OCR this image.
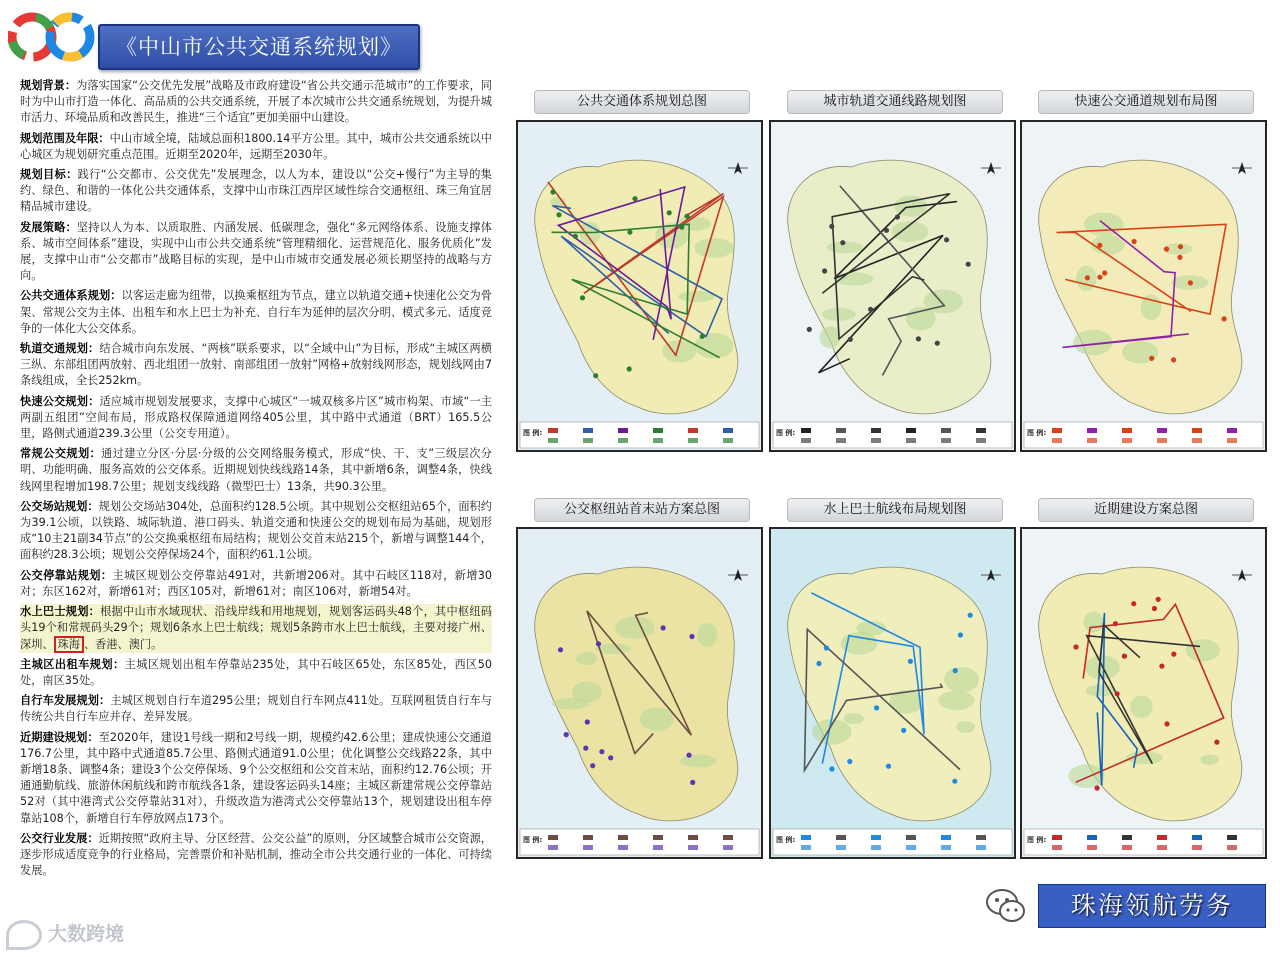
《中山市公共交通系统规划》

规划背景：为落实国家“公交优先发展”战略及市政府建设“省公共交通示范城市”的工作要求，同时为中山市打造一体化、高品质的公共交通系统，开展了本次城市公共交通系统规划，为提升城市活力、环境品质和改善民生，推进“三个适宜”更加美丽中山建设。

规划范围及年限：中山市域全境，陆域总面积1800.14平方公里。其中，城市公共交通系统以中心城区为规划研究重点范围。近期至2020年，远期至2030年。

规划目标：践行“公交都市、公交优先”发展理念，以人为本，建设以“公交+慢行”为主导的集约、绿色、和谐的一体化公共交通体系，支撑中山市珠江西岸区域性综合交通枢纽、珠三角宜居精品城市建设。

发展策略：坚持以人为本、以质取胜、内涵发展、低碳理念，强化“多元网络体系、设施支撑体系、城市空间体系”建设，实现中山市公共交通系统“管理精细化、运营规范化、服务优质化”发展，支撑中山市“公交都市”战略目标的实现，是中山市城市交通发展必须长期坚持的战略与方向。

公共交通体系规划：以客运走廊为纽带，以换乘枢纽为节点，建立以轨道交通+快速化公交为骨架、常规公交为主体、出租车和水上巴士为补充、自行车为延伸的层次分明、模式多元、适度竞争的一体化大公交体系。

轨道交通规划：结合城市向东发展、“两核”联系要求，以“全域中山”为目标，形成“主城区两横三纵、东部组团两放射、西北组团一放射、南部组团一放射”网格+放射线网形态，规划线网由7条线组成，全长252km。

快速公交规划：适应城市规划发展要求，支撑中心城区“一城双核多片区”城市构架、市域“一主两副五组团”空间布局，形成路权保障通道网络405公里，其中路中式通道（BRT）165.5公里，路侧式通道239.3公里（公交专用道）。

常规公交规划：通过建立分区·分层·分级的公交网络服务模式，形成“快、干、支”三级层次分明、功能明确、服务高效的公交体系。近期规划快线线路14条，其中新增6条，调整4条，快线线网里程增加198.7公里；规划支线线路（微型巴士）13条，共90.3公里。

公交场站规划：规划公交场站304处，总面积约128.5公顷。其中规划公交枢纽站65个，面积约为39.1公顷，以铁路、城际轨道、港口码头、轨道交通和快速公交的规划布局为基础，规划形成“10主21副34节点”的公交换乘枢纽布局结构；规划公交首末站215个，新增与调整144个，面积约28.3公顷；规划公交停保场24个，面积约61.1公顷。

公交停靠站规划：主城区规划公交停靠站491对，共新增206对。其中石岐区118对，新增30对；东区162对，新增61对；西区105对，新增61对；南区106对，新增54对。

水上巴士规划：根据中山市水域现状、沿线岸线和用地规划，规划客运码头48个，其中枢纽码头19个和常规码头29个；规划6条水上巴士航线；规划5条跨市水上巴士航线，主要对接广州、深圳、 珠海 、香港、澳门。

主城区出租车规划：主城区规划出租车停靠站235处，其中石岐区65处，东区85处，西区50处，南区35处。

自行车发展规划：主城区规划自行车道295公里；规划自行车网点411处。互联网租赁自行车与传统公共自行车应并存、差异发展。

近期建设规划：至2020年，建设1号线一期和2号线一期，规模约42.6公里；建成快速公交通道176.7公里，其中路中式通道85.7公里、路侧式通道91.0公里；优化调整公交线路22条，其中新增18条、调整4条；建设3个公交停保场、9个公交枢纽和公交首末站，面积约12.76公顷；开通通勤航线、旅游休闲航线和跨市航线各1条，建设客运码头14座；主城区新建常规公交停靠站52对（其中港湾式公交停靠站31对），升级改造为港湾式公交停靠站13个，规划建设出租车停靠站108个，新增自行车停放网点173个。

公交行业发展：近期按照“政府主导、分区经营、公交公益”的原则，分区域整合城市公交资源，逐步形成适度竞争的行业格局，完善票价和补贴机制，推动全市公共交通行业的一体化、可持续发展。

公共交通体系规划总图
图 例:
城市轨道交通线路规划图
图 例:
快速公交通道规划布局图
图 例:
公交枢纽站首末站方案总图
图 例:
水上巴士航线布局规划图
图 例:
近期建设方案总图
图 例:
珠海领航劳务
大数跨境
